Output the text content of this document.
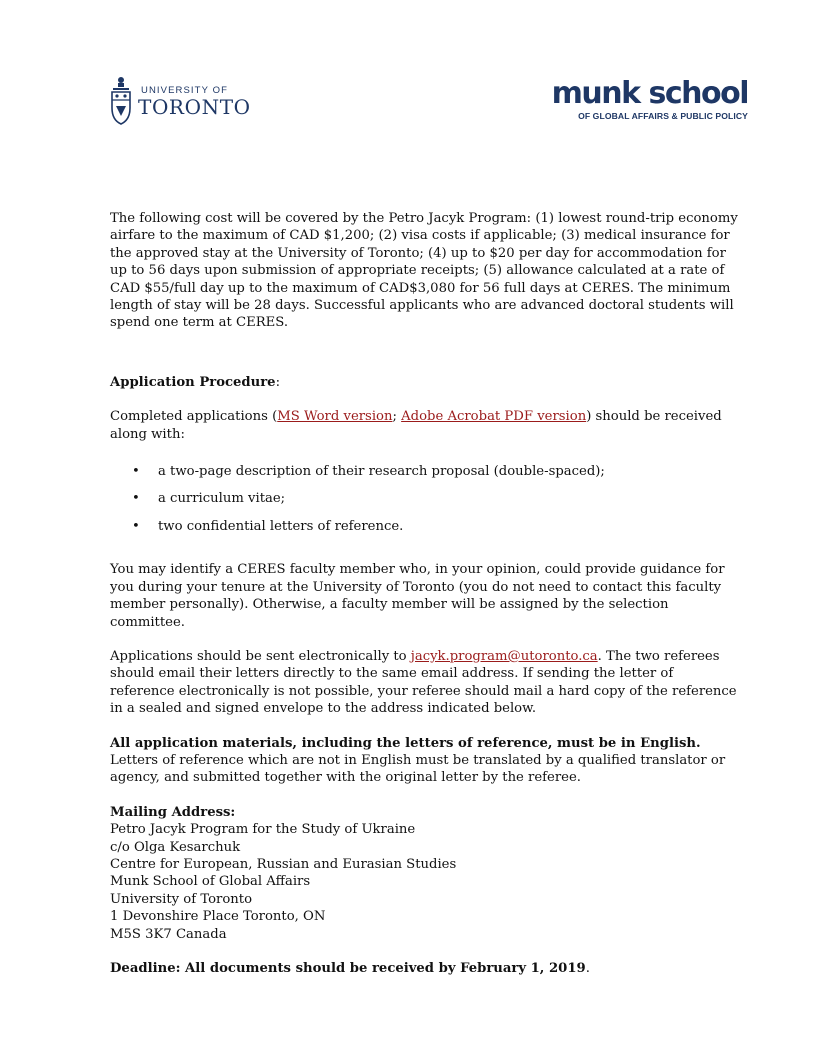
UNIVERSITY OF
TORONTO	munk school
OF GLOBAL AFFAIRS & PUBLIC POLICY

The following cost will be covered by the Petro Jacyk Program: (1) lowest round-trip economy airfare to the maximum of CAD $1,200; (2) visa costs if applicable; (3) medical insurance for the approved stay at the University of Toronto; (4) up to $20 per day for accommodation for up to 56 days upon submission of appropriate receipts; (5) allowance calculated at a rate of CAD $55/full day up to the maximum of CAD$3,080 for 56 full days at CERES. The minimum length of stay will be 28 days. Successful applicants who are advanced doctoral students will spend one term at CERES.

Application Procedure:

Completed applications (MS Word version; Adobe Acrobat PDF version) should be received along with:

• a two-page description of their research proposal (double-spaced);
• a curriculum vitae;
• two confidential letters of reference.

You may identify a CERES faculty member who, in your opinion, could provide guidance for you during your tenure at the University of Toronto (you do not need to contact this faculty member personally). Otherwise, a faculty member will be assigned by the selection committee.

Applications should be sent electronically to jacyk.program@utoronto.ca. The two referees should email their letters directly to the same email address. If sending the letter of reference electronically is not possible, your referee should mail a hard copy of the reference in a sealed and signed envelope to the address indicated below.

All application materials, including the letters of reference, must be in English. Letters of reference which are not in English must be translated by a qualified translator or agency, and submitted together with the original letter by the referee.

Mailing Address:

Petro Jacyk Program for the Study of Ukraine

c/o Olga Kesarchuk

Centre for European, Russian and Eurasian Studies

Munk School of Global Affairs

University of Toronto

1 Devonshire Place Toronto, ON

M5S 3K7 Canada

Deadline: All documents should be received by February 1, 2019.
